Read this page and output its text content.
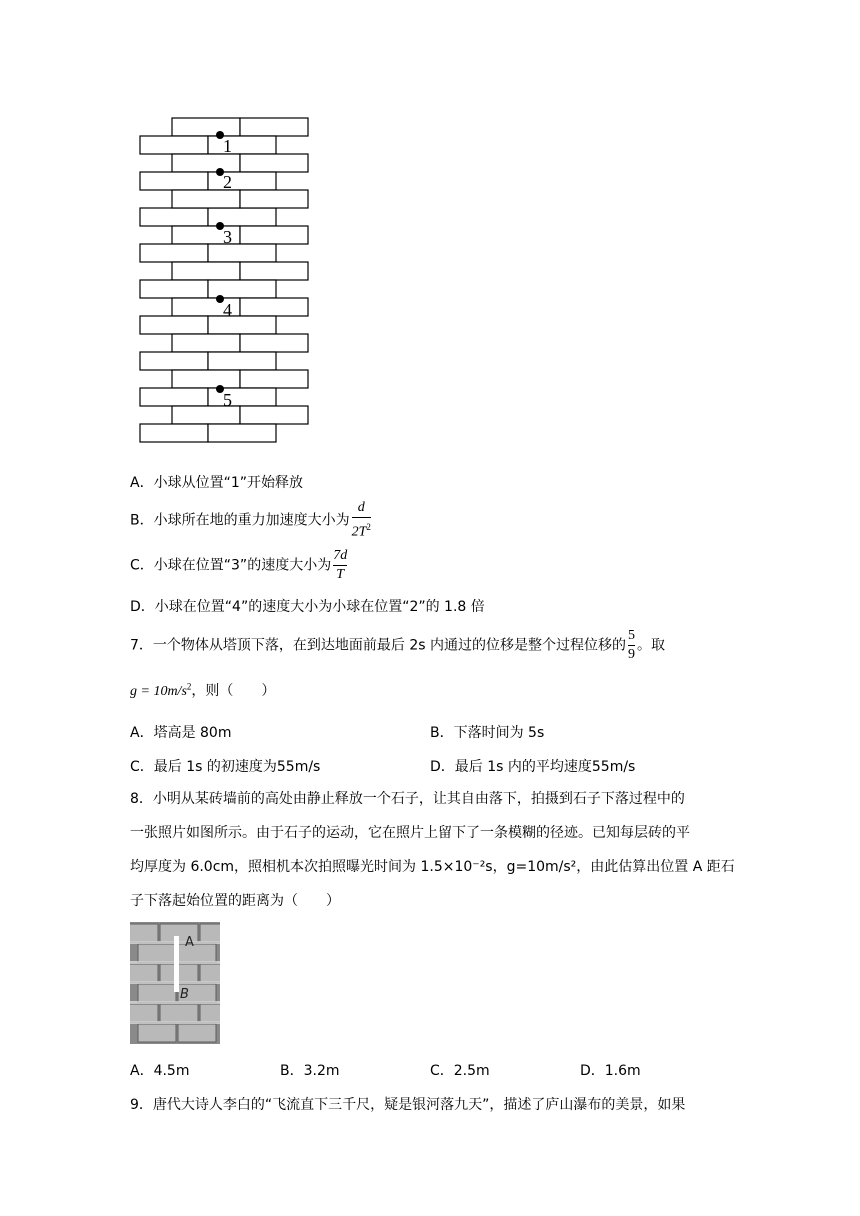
1
2
3
4
5
A．小球从位置“1”开始释放
B．小球所在地的重力加速度大小为 $\frac{d}{2T^2}$
C．小球在位置“3”的速度大小为 $\frac{7d}{T}$
D．小球在位置“4”的速度大小为小球在位置“2”的 1.8 倍
7．一个物体从塔顶下落，在到达地面前最后 2s 内通过的位移是整个过程位移的 $\frac{5}{9}$ 。取
$g = 10m/s^2$，则（　　）
A．塔高是 80m	B．下落时间为 5s
C．最后 1s 的初速度为55m/s	D．最后 1s 内的平均速度55m/s
8．小明从某砖墙前的高处由静止释放一个石子，让其自由落下，拍摄到石子下落过程中的
一张照片如图所示。由于石子的运动，它在照片上留下了一条模糊的径迹。已知每层砖的平
均厚度为 6.0cm，照相机本次拍照曝光时间为 1.5×10⁻²s，g=10m/s²，由此估算出位置 A 距石
子下落起始位置的距离为（　　）
A
B
A．4.5m	B．3.2m	C．2.5m	D．1.6m
9．唐代大诗人李白的“飞流直下三千尺，疑是银河落九天”，描述了庐山瀑布的美景，如果
